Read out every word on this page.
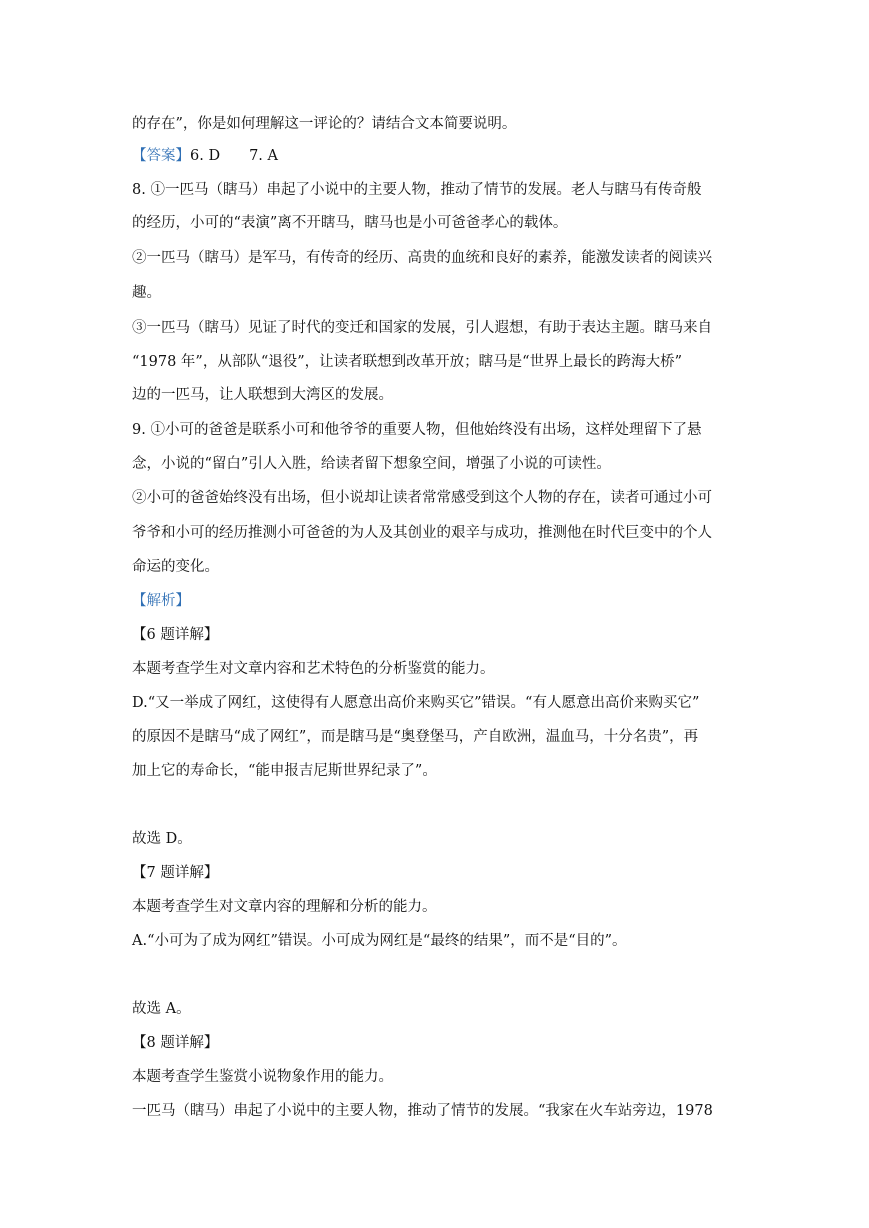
的存在”，你是如何理解这一评论的？请结合文本简要说明。
【答案】6. D　　7. A
8. ①一匹马（瞎马）串起了小说中的主要人物，推动了情节的发展。老人与瞎马有传奇般
的经历，小可的“表演”离不开瞎马，瞎马也是小可爸爸孝心的载体。
②一匹马（瞎马）是军马，有传奇的经历、高贵的血统和良好的素养，能激发读者的阅读兴
趣。
③一匹马（瞎马）见证了时代的变迁和国家的发展，引人遐想，有助于表达主题。瞎马来自
“1978 年”，从部队“退役”，让读者联想到改革开放；瞎马是“世界上最长的跨海大桥”
边的一匹马，让人联想到大湾区的发展。
9. ①小可的爸爸是联系小可和他爷爷的重要人物，但他始终没有出场，这样处理留下了悬
念，小说的“留白”引人入胜，给读者留下想象空间，增强了小说的可读性。
②小可的爸爸始终没有出场，但小说却让读者常常感受到这个人物的存在，读者可通过小可
爷爷和小可的经历推测小可爸爸的为人及其创业的艰辛与成功，推测他在时代巨变中的个人
命运的变化。
【解析】
【6 题详解】
本题考查学生对文章内容和艺术特色的分析鉴赏的能力。
D.“又一举成了网红，这使得有人愿意出高价来购买它”错误。“有人愿意出高价来购买它”
的原因不是瞎马“成了网红”，而是瞎马是“奥登堡马，产自欧洲，温血马，十分名贵”，再
加上它的寿命长，“能申报吉尼斯世界纪录了”。
故选 D。
【7 题详解】
本题考查学生对文章内容的理解和分析的能力。
A.“小可为了成为网红”错误。小可成为网红是“最终的结果”，而不是“目的”。
故选 A。
【8 题详解】
本题考查学生鉴赏小说物象作用的能力。
一匹马（瞎马）串起了小说中的主要人物，推动了情节的发展。“我家在火车站旁边，1978
